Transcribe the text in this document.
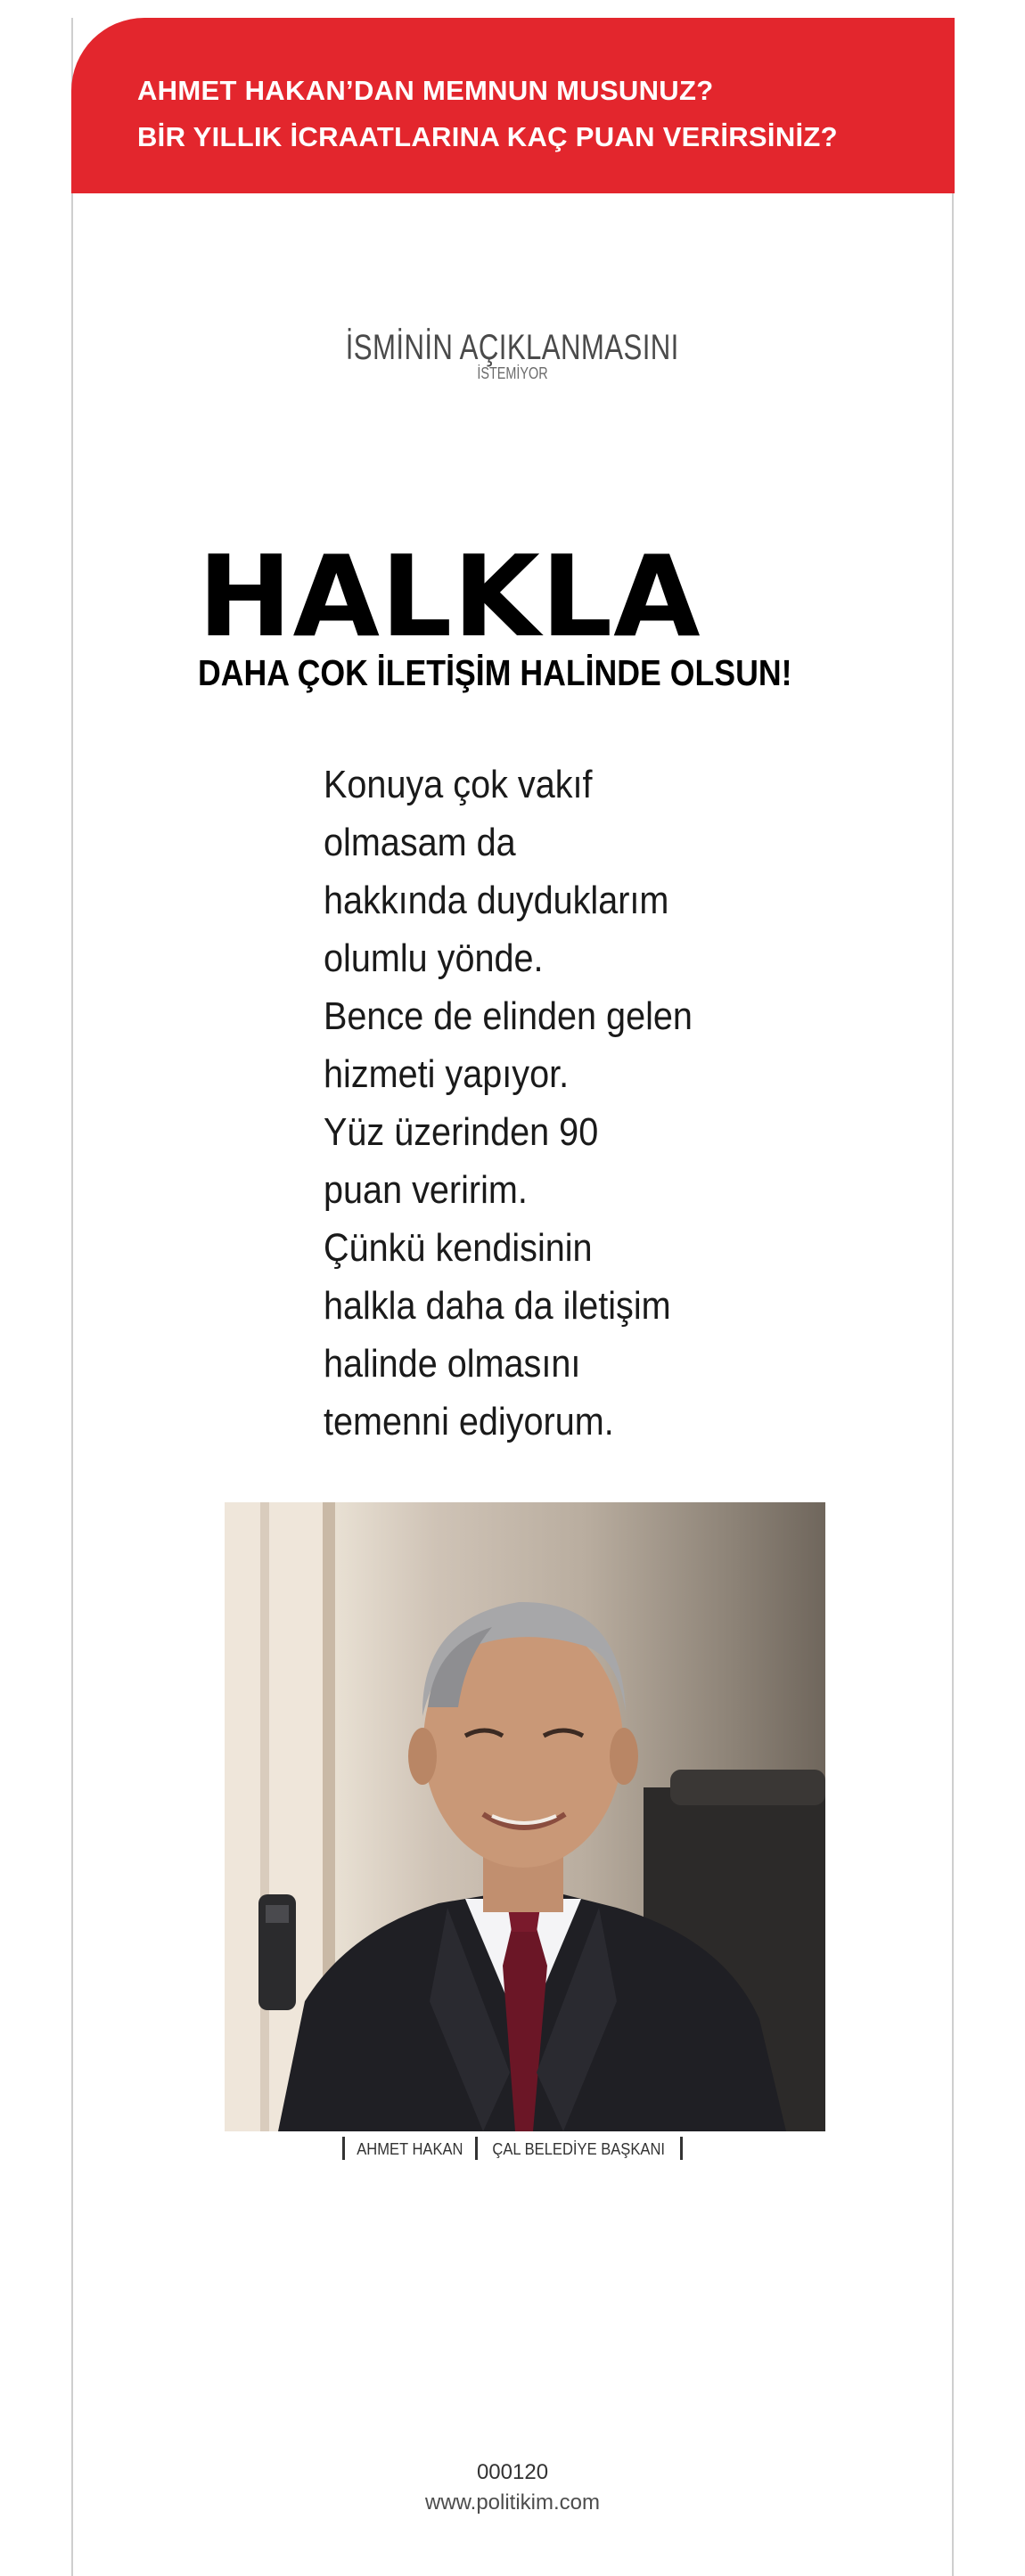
AHMET HAKAN’DAN MEMNUN MUSUNUZ?
BİR YILLIK İCRAATLARINA KAÇ PUAN VERİRSİNİZ?
İSMİNİN AÇIKLANMASINI
İSTEMİYOR
HALKLA
DAHA ÇOK İLETİŞİM HALİNDE OLSUN!
Konuya çok vakıf
olmasam da
hakkında duyduklarım
olumlu yönde.
Bence de elinden gelen
hizmeti yapıyor.
Yüz üzerinden 90
puan veririm.
Çünkü kendisinin
halkla daha da iletişim
halinde olmasını
temenni ediyorum.
AHMET HAKAN ÇAL BELEDİYE BAŞKANI
000120
www.politikim.com
